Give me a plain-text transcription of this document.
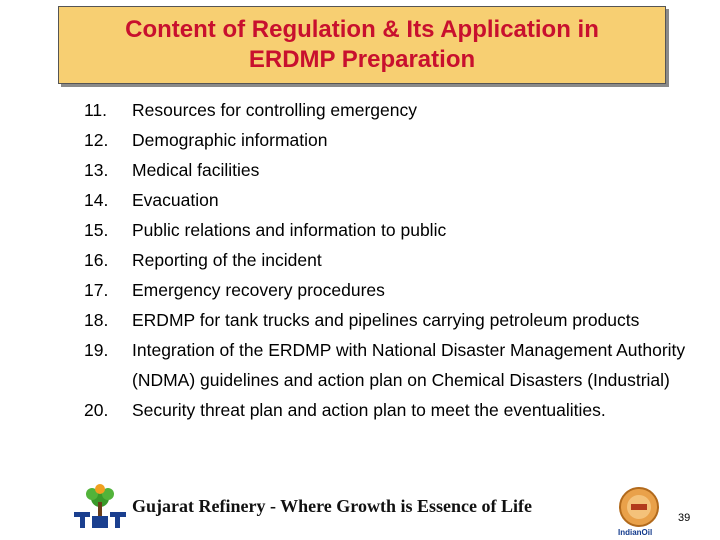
Content of Regulation & Its Application in
ERDMP Preparation
11.	Resources for controlling emergency
12.	Demographic information
13.	Medical facilities
14.	Evacuation
15.	Public relations and information to public
16.	Reporting of the incident
17.	Emergency recovery procedures
18.	ERDMP for tank trucks and pipelines carrying petroleum products
19.	Integration of the ERDMP with National Disaster Management Authority (NDMA) guidelines and action plan on Chemical Disasters (Industrial)
20.	Security threat plan and action plan to meet the eventualities.
Gujarat Refinery - Where Growth is Essence of Life
IndianOil
39
